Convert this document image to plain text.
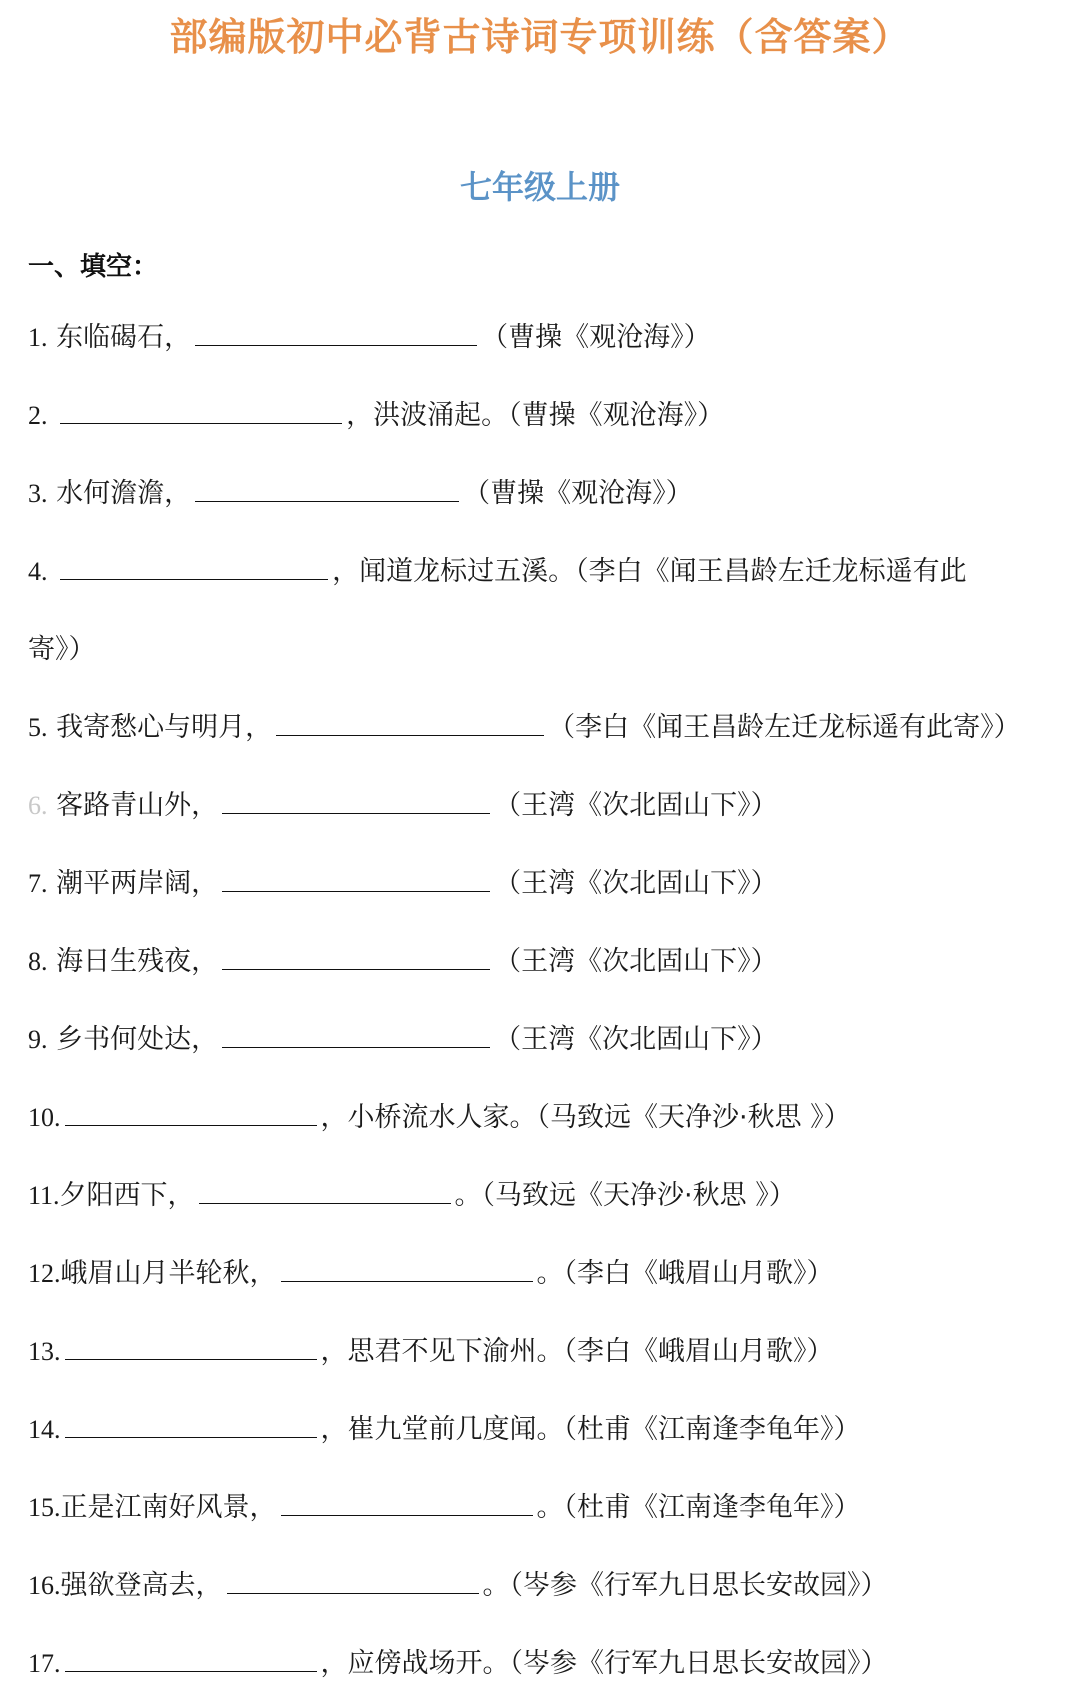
部编版初中必背古诗词专项训练（含答案）
七年级上册
一、填空：
1. 东临碣石，	（曹操《观沧海》）
2.	，洪波涌起。（曹操《观沧海》）
3. 水何澹澹，	（曹操《观沧海》）
4.	，闻道龙标过五溪。（李白《闻王昌龄左迁龙标遥有此
寄》）
5. 我寄愁心与明月，	（李白《闻王昌龄左迁龙标遥有此寄》）
6. 客路青山外，	（王湾《次北固山下》）
7. 潮平两岸阔，	（王湾《次北固山下》）
8. 海日生残夜，	（王湾《次北固山下》）
9. 乡书何处达，	（王湾《次北固山下》）
10.	，小桥流水人家。（马致远《天净沙·秋思 》）
11.夕阳西下，	。（马致远《天净沙·秋思 》）
12.峨眉山月半轮秋，	。（李白《峨眉山月歌》）
13.	，思君不见下渝州。（李白《峨眉山月歌》）
14.	，崔九堂前几度闻。（杜甫《江南逢李龟年》）
15.正是江南好风景，	。（杜甫《江南逢李龟年》）
16.强欲登高去，	。（岑参《行军九日思长安故园》）
17.	，应傍战场开。（岑参《行军九日思长安故园》）
